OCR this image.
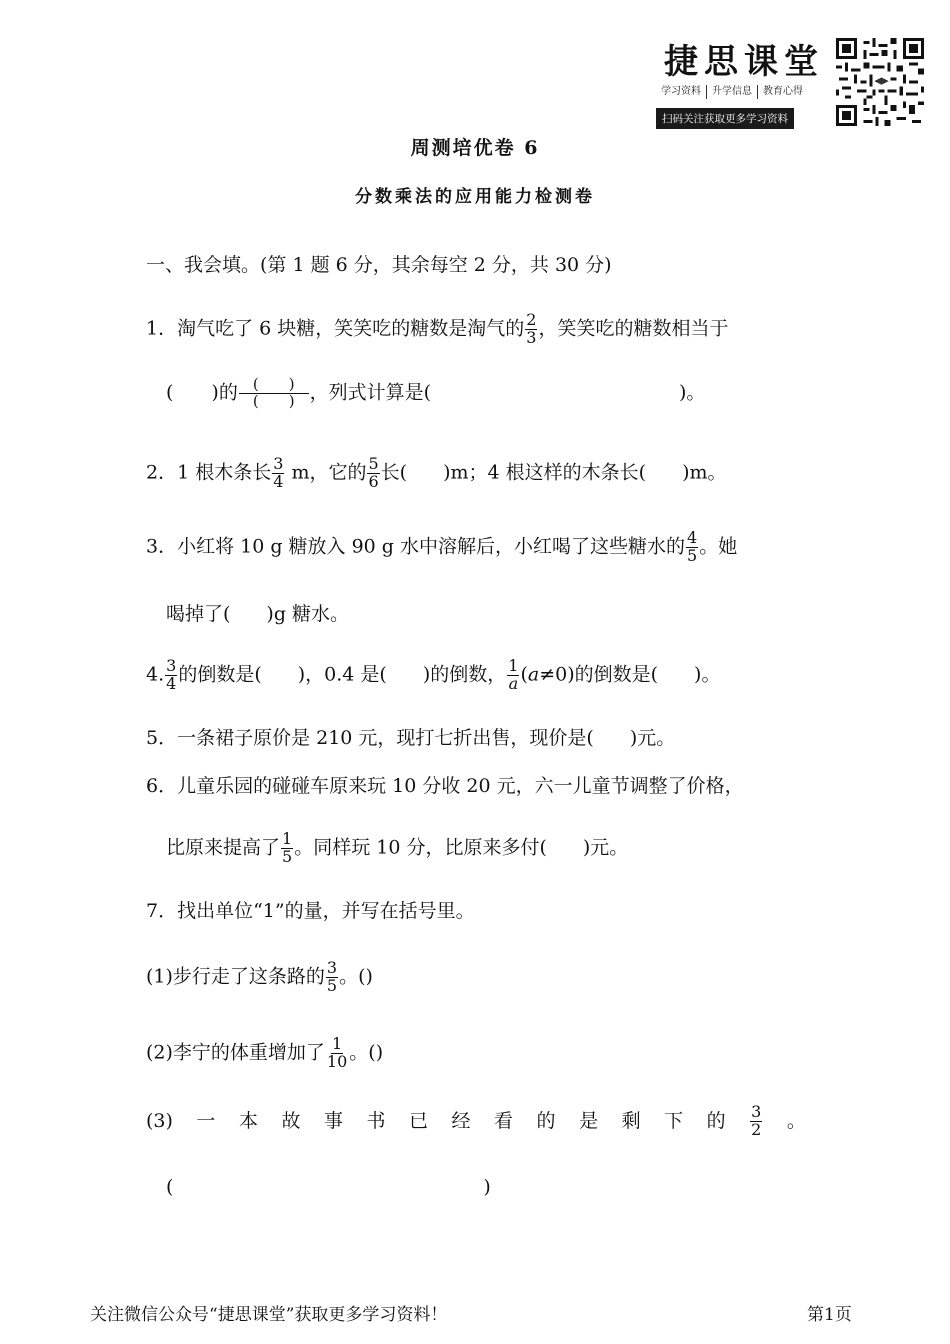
捷思课堂
学习资料 升学信息 教育心得
扫码关注获取更多学习资料
周测培优卷 6
分数乘法的应用能力检测卷
一、我会填。(第 1 题 6 分，其余每空 2 分，共 30 分)
1．淘气吃了 6 块糖，笑笑吃的糖数是淘气的 $\frac{2}{3}$ ，笑笑吃的糖数相当于
( )的 $\frac{( )}{( )}$ ，列式计算是(	)。
2．1 根木条长 $\frac{3}{4}$ m，它的 $\frac{5}{6}$ 长( )m；4 根这样的木条长( )m。
3．小红将 10 g 糖放入 90 g 水中溶解后，小红喝了这些糖水的 $\frac{4}{5}$ 。她
喝掉了( )g 糖水。
4. $\frac{3}{4}$ 的倒数是( )，0.4 是( )的倒数， $\frac{1}{a} (a\ne 0)$的倒数是( )。
5．一条裙子原价是 210 元，现打七折出售，现价是( )元。
6．儿童乐园的碰碰车原来玩 10 分收 20 元，六一儿童节调整了价格，
比原来提高了 $\frac{1}{5}$ 。同样玩 10 分，比原来多付( )元。
7．找出单位“1”的量，并写在括号里。
(1)步行走了这条路的 $\frac{3}{5}$ 。()
(2)李宁的体重增加了 $\frac{1}{10}$ 。()
(3) 一 本 故 事 书 已 经 看 的 是 剩 下 的 $\frac{3}{2}$ 。
(	)
关注微信公众号“捷思课堂”获取更多学习资料！	第1页
